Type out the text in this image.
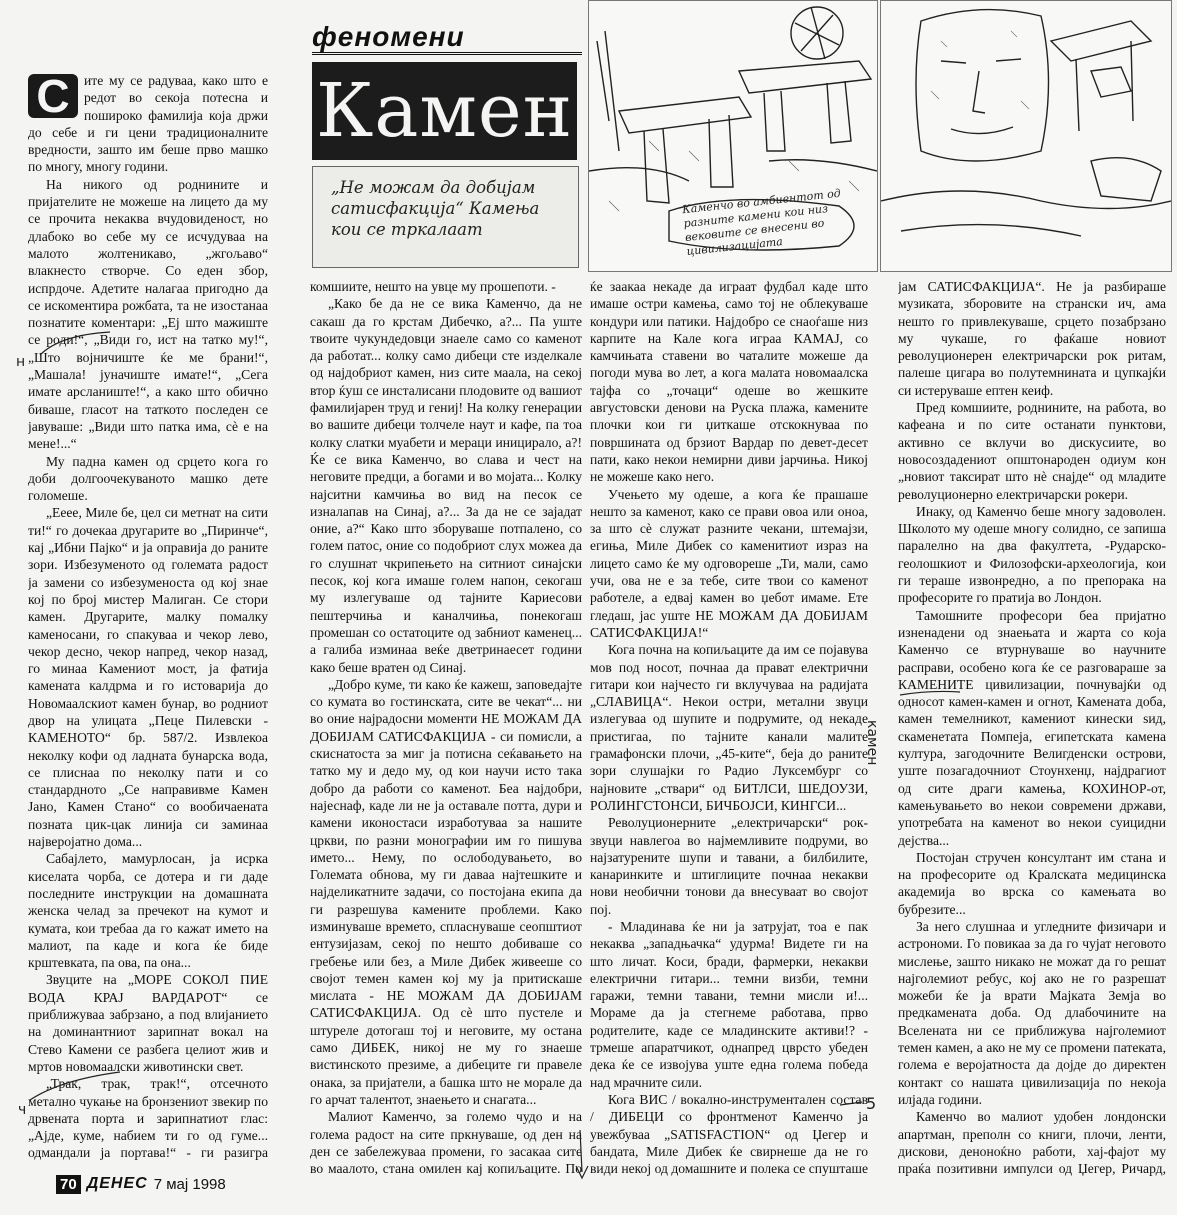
Каменчо во амбиентот од разните камени кои низ вековите се внесени во цивилизацијата
феномени
Камен
„Не можам да добијам сатисфакција“ Камења кои се тркалаат

С	ите му се радуваа, како што е редот во секоја потесна и пошироко фамилија која држи до себе и ги цени традиционалните вредности, зашто им беше прво машко по многу, многу години.

На никого од роднините и пријателите не можеше на лицето да му се прочита некаква вчудовиденост, но длабоко во себе му се исчудуваа на малото жолтеникаво, „жгољаво“ влакнесто створче. Со еден збор, испрдоче. Адетите налагаа пригодно да се искоментира рожбата, та не изостанаа познатите коментари: „Еј што мажиште се роди!“, „Види го, ист на татко му!“, „Што војничиште ќе ме брани!“, „Машала! јуначиште имате!“, „Сега имате арсланиште!“, а како што обично биваше, гласот на таткото последен се јавуваше: „Види што патка има, сè е на мене!...“

Му падна камен од срцето кога го доби долгоочекуваното машко дете голомеше.

„Ееее, Миле бе, цел си метнат на сити ти!“ го дочекаа другарите во „Пиринче“, кај „Ибни Пајко“ и ја оправија до раните зори. Избезуменото од големата радост ја замени со избезуменоста од кој знае кој по број мистер Малиган. Се стори камен. Другарите, малку помалку каменосани, го спакуваа и чекор лево, чекор десно, чекор напред, чекор назад, го минаа Камениот мост, ја фатија камената калдрма и го истоварија до Новомаалскиот камен бунар, во родниот двор на улицата „Пеце Пилевски - КАМЕНОТО“ бр. 587/2. Извлекоа неколку кофи од ладната бунарска вода, се плиснаа по неколку пати и со стандардното „Се направивме Камен Јано, Камен Стано“ со вообичаената позната цик-цак линија си заминаа најверојатно дома...

Сабајлето, мамурлосан, ја исрка киселата чорба, се дотера и ги даде последните инструкции на домашната женска челад за пречекот на кумот и кумата, кои требаа да го кажат името на малиот, па каде и кога ќе биде крштевката, па ова, па она...

Звуците на „МОРЕ СОКОЛ ПИЕ ВОДА КРАЈ ВАРДАРОТ“ се приближуваа забрзано, а под влијанието на доминантниот зарипнат вокал на Стево Камени се разбега целиот жив и мртов новомаалски животински свет.

„Трак, трак, трак!“, отсечното метално чукање на бронзениот звекир по дрвената порта и зарипнатиот глас: „Ајде, куме, набием ти го од гуме... одмандали ја портава!“ - ги разигра

комшиите, нешто на увце му прошепоти. -

„Како бе да не се вика Каменчо, да не сакаш да го крстам Дибечко, а?... Па уште твоите чукундедовци знаеле само со каменот да работат... колку само дибеци сте изделкале од најдобриот камен, низ сите маала, на секој втор ќуш се инсталисани плодовите од вашиот фамилијарен труд и гениј! На колку генерации во вашите дибеци толчеле наут и кафе, па тоа колку слатки муабети и мераци иницирало, а?! Ќе се вика Каменчо, во слава и чест на неговите предци, а богами и во мојата... Колку најситни камчиња во вид на песок се изналапав на Синај, а?... За да не се заjадат оние, а?“ Како што зборуваше потпалено, со голем патос, оние со подобриот слух можеа да го слушнат чкрипењето на ситниот синајски песок, кој кога имаше голем напон, секогаш му излегуваше од тајните Кариесови пештерчиња и каналчиња, понекогаш промешан со остатоците од забниот каменец... а галиба изминаа веќе дветринаесет години како беше вратен од Синај.

„Добро куме, ти како ќе кажеш, заповедајте со кумата во гостинската, сите ве чекат“... ни во оние најрадосни моменти НЕ МОЖАМ ДА ДОБИЈАМ САТИСФАКЦИЈА - си помисли, а скиснатоста за миг ја потисна сеќавањето на татко му и дедо му, од кои научи исто така добро да работи со каменот. Беа најдобри, најеснаф, каде ли не ја оставале потта, дури и камени иконостаси изработуваа за нашите цркви, по разни монографии им го пишува името... Нему, по ослободувањето, во Големата обнова, му ги даваа најтешките и најделикатните задачи, со постојана екипа да ги разрешува камените проблеми. Како изминуваше времето, спласнуваше сеопштиот ентузијазам, секој по нешто добиваше со гребење или без, а Миле Дибек живееше со својот темен камен кој му ја притискаше мислата - НЕ МОЖАМ ДА ДОБИЈАМ САТИСФАКЦИЈА. Од сè што пустеле и штуреле дотогаш тој и неговите, му остана само ДИБЕК, никој не му го знаеше вистинското презиме, а дибеците ги правеле онака, за пријатели, а башка што не морале да го арчат талентот, знаењето и снагата...

Малиот Каменчо, за големо чудо и на голема радост на сите пркнуваше, од ден на ден се забележуваа промени, го засакаа сите во маалото, стана омилен кај копиљаците. По

ќе заакаа некаде да играат фудбал каде што имаше остри камења, само тој не облекуваше кондури или патики. Најдобро се снаоѓаше низ карпите на Кале кога играа КАМАЈ, со камчињата ставени во чаталите можеше да погоди мува во лет, а кога малата новомаалска тајфа со „точаци“ одеше во жешките августовски денови на Руска плажа, камените плочки кои ги џиткаше отскокнуваа по површината од брзиот Вардар по девет-десет пати, како некои немирни диви јарчиња. Никој не можеше како него.

Учењето му одеше, а кога ќе прашаше нешто за каменот, како се прави овоа или онoа, за што сè служат разните чекани, штемајзи, егиња, Миле Дибек со каменитиот израз на лицето само ќе му одговореше „Ти, мали, само учи, ова не е за тебе, сите твои со каменот работеле, а едвај камен во џебот имаме. Ете гледаш, јас уште НЕ МОЖАМ ДА ДОБИЈАМ САТИСФАКЦИЈА!“

Кога почна на копиљаците да им се појавува мов под носот, почнаа да прават електрични гитари кои најчесто ги вклучуваа на радијата „СЛАВИЦА“. Некои остри, метални звуци излегуваа од шупите и подрумите, од некаде пристигаа, по тајните канали малите грамафонски плочи, „45-ките“, беја до раните зори слушаjки го Радио Луксембург со најновите „ствари“ од БИТЛСИ, ШЕДОУЗИ, РОЛИНГСТОНСИ, БИЧБОЈСИ, КИНГСИ...

Револуционерните „електричарски“ рок-звуци навлегоа во најмемливите подруми, во најзатурените шупи и тавани, а билбилите, канаринките и штиглиците почнаа некакви нови необични тонови да внесуваат во својот пој.

- Младинава ќе ни ја затрујат, тоа е пак некаква „западњачка“ удурма! Видете ги на што личат. Коси, бради, фармерки, некакви електрични гитари... темни визби, темни гаражи, темни тавани, темни мисли и!... Мораме да ја стегнеме работава, прво родителите, каде се младинските активи!? - трмеше апаратчикот, однапред цврсто убеден дека ќе се извојува уште една голема победа над мрачните сили.

Кога ВИС / вокално-инструментален состав / ДИБЕЦИ со фронтменот Каменчо ја увежбуваа „SATISFACTION“ од Џегер и бандата, Миле Дибек ќе свирнеше да не го види некој од домашните и полека се спушташе

јам САТИСФАКЦИЈА“. Не ја разбираше музиката, зборовите на странски ич, ама нешто го привлекуваше, срцето позабрзано му чукаше, го фаќаше новиот револуционерен електричарски рок ритам, палеше цигара во полутемнината и цупкајќи си истеруваше ептен кеиф.

Пред комшиите, роднините, на работа, во кафеана и по сите останати пунктови, активно се вклучи во дискусиите, во новосоздадениот општонароден одиум кон „новиот таксират што нè снајде“ од младите револуционерно електричарски рокери.

Инаку, од Каменчо беше многу задоволен. Школото му одеше многу солидно, се запиша паралелно на два факултета, -Рударско-геолошкиот и Филозофски-археологија, кои ги тераше извонредно, а по препорака на професорите го пратија во Лондон.

Тамошните професори беа пријатно изненадени од знаењата и жарта со која Каменчо се втурнуваше во научните расправи, особено кога ќе се разговараше за КАМЕНИТЕ цивилизации, почнувајќи од односот камен-камен и огнот, Камената доба, камен темелникот, камениот кинески ѕид, скаменетата Помпеја, египетската камена култура, загодочните Велигденски острови, уште позагадочниот Стоунхенџ, најдрагиот од сите драги камења, КОХИНОР-от, камењувањето во некои современи држави, употребата на каменот во некои суицидни дејства...

Постојан стручен консултант им стана и на професорите од Кралската медицинска академија во врска со камењата во бубрезите...

За него слушнаа и угледните физичари и астрономи. Го повикаа за да го чујат неговото мислење, зашто никако не можат да го решат најголемиот ребус, кој ако не го разрешат можеби ќе ја врати Мајката Земја во предкамената доба. Од длабочините на Вселената ни се приближува најголемиот темен камен, а ако не му се промени патеката, голема е веројатноста да дојде до директен контакт со нашата цивилизација по некоја илјада години.

Каменчо во малиот удобен лондонски апартман, преполн со книги, плочи, ленти, дискови, деноноќно работи, хај-фајот му праќа позитивни импулси од Џегер, Ричард,

н
ч
камен
5
70 ДЕНЕС 7 мај 1998
